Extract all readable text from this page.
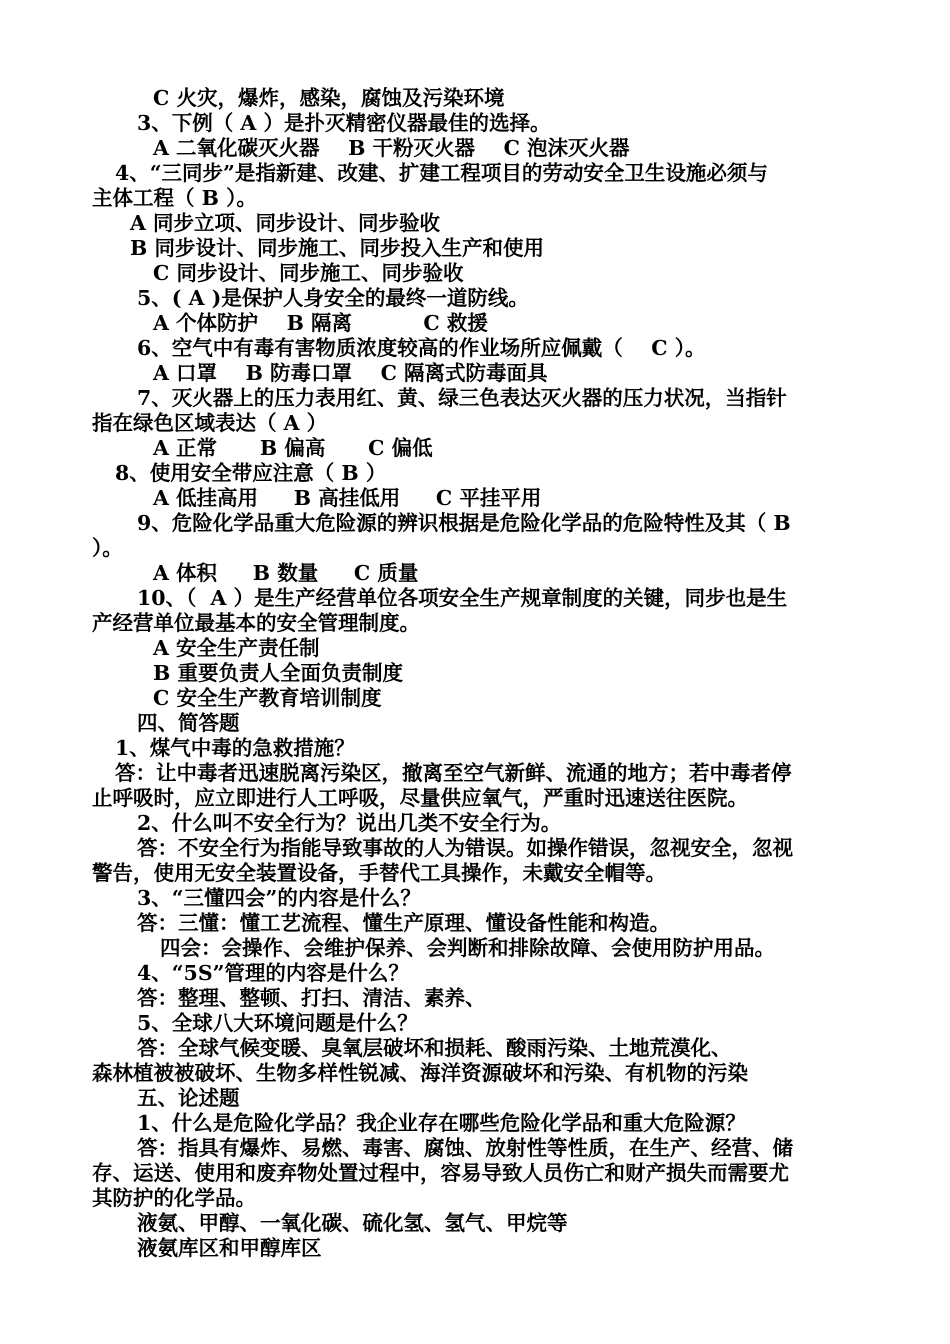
C 火灾，爆炸，感染，腐蚀及污染环境
3、下例（ A ）是扑灭精密仪器最佳的选择。
A 二氧化碳灭火器    B 干粉灭火器    C 泡沫灭火器
4、“三同步”是指新建、改建、扩建工程项目的劳动安全卫生设施必须与
主体工程（ B ）。
A 同步立项、同步设计、同步验收
B 同步设计、同步施工、同步投入生产和使用
C 同步设计、同步施工、同步验收
5、( A )是保护人身安全的最终一道防线。
A 个体防护    B 隔离          C 救援
6、空气中有毒有害物质浓度较高的作业场所应佩戴（    C ）。
A 口罩    B 防毒口罩    C 隔离式防毒面具
7、灭火器上的压力表用红、黄、绿三色表达灭火器的压力状况，当指针
指在绿色区域表达（ A ）
A 正常      B 偏高      C 偏低
8、使用安全带应注意（ B ）
A 低挂高用     B 高挂低用     C 平挂平用
9、危险化学品重大危险源的辨识根据是危险化学品的危险特性及其（ B
）。
A 体积     B 数量     C 质量
10、（  A ）是生产经营单位各项安全生产规章制度的关键，同步也是生
产经营单位最基本的安全管理制度。
A 安全生产责任制
B 重要负责人全面负责制度
C 安全生产教育培训制度
四、简答题
1、煤气中毒的急救措施？
答：让中毒者迅速脱离污染区，撤离至空气新鲜、流通的地方；若中毒者停
止呼吸时，应立即进行人工呼吸，尽量供应氧气，严重时迅速送往医院。
2、什么叫不安全行为？说出几类不安全行为。
答：不安全行为指能导致事故的人为错误。如操作错误，忽视安全，忽视
警告，使用无安全装置设备，手替代工具操作，未戴安全帽等。
3、“三懂四会”的内容是什么？
答：三懂：懂工艺流程、懂生产原理、懂设备性能和构造。
四会：会操作、会维护保养、会判断和排除故障、会使用防护用品。
4、“5S”管理的内容是什么？
答：整理、整顿、打扫、清洁、素养、
5、全球八大环境问题是什么？
答：全球气候变暖、臭氧层破坏和损耗、酸雨污染、土地荒漠化、
森林植被被破坏、生物多样性锐减、海洋资源破坏和污染、有机物的污染
五、论述题
1、什么是危险化学品？我企业存在哪些危险化学品和重大危险源？
答：指具有爆炸、易燃、毒害、腐蚀、放射性等性质，在生产、经营、储
存、运送、使用和废弃物处置过程中，容易导致人员伤亡和财产损失而需要尤
其防护的化学品。
液氨、甲醇、一氧化碳、硫化氢、氢气、甲烷等
液氨库区和甲醇库区
